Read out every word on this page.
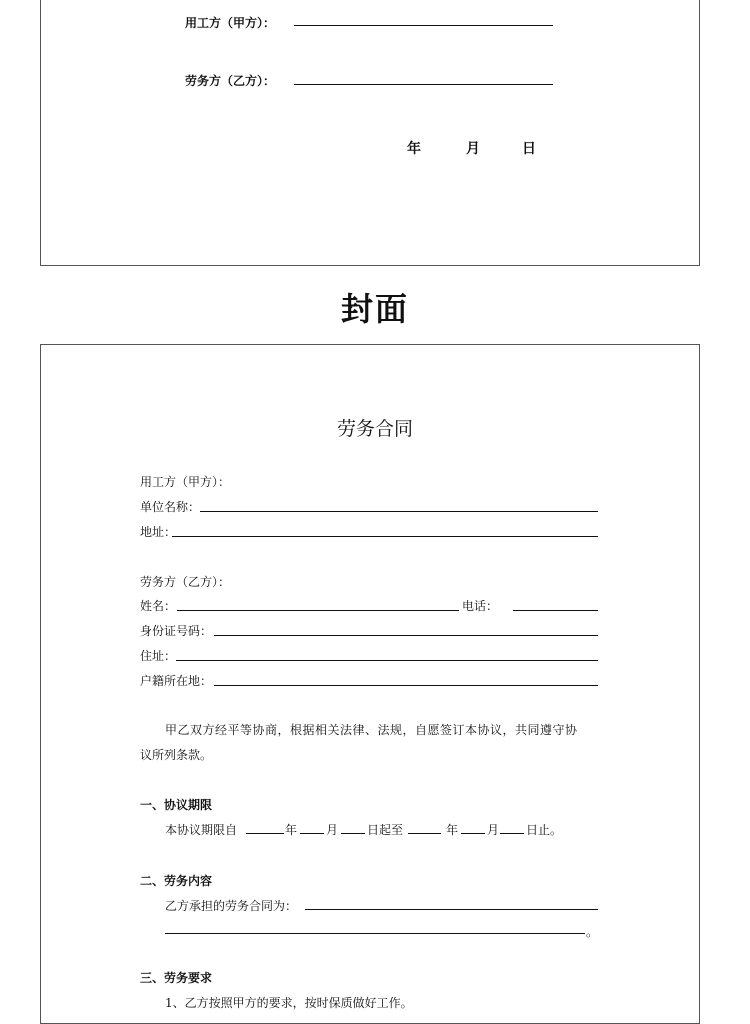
用工方（甲方）：
劳务方（乙方）：
年	月	日
封面
劳务合同
用工方（甲方）：
单位名称：
地址：
劳务方（乙方）：
姓名：	电话：
身份证号码：
住址：
户籍所在地：
甲乙双方经平等协商，根据相关法律、法规，自愿签订本协议，共同遵守协
议所列条款。
一、协议期限
本协议期限自	年 月 日起至	年 月 日止。
二、劳务内容
乙方承担的劳务合同为：
。
三、劳务要求
1、乙方按照甲方的要求，按时保质做好工作。
